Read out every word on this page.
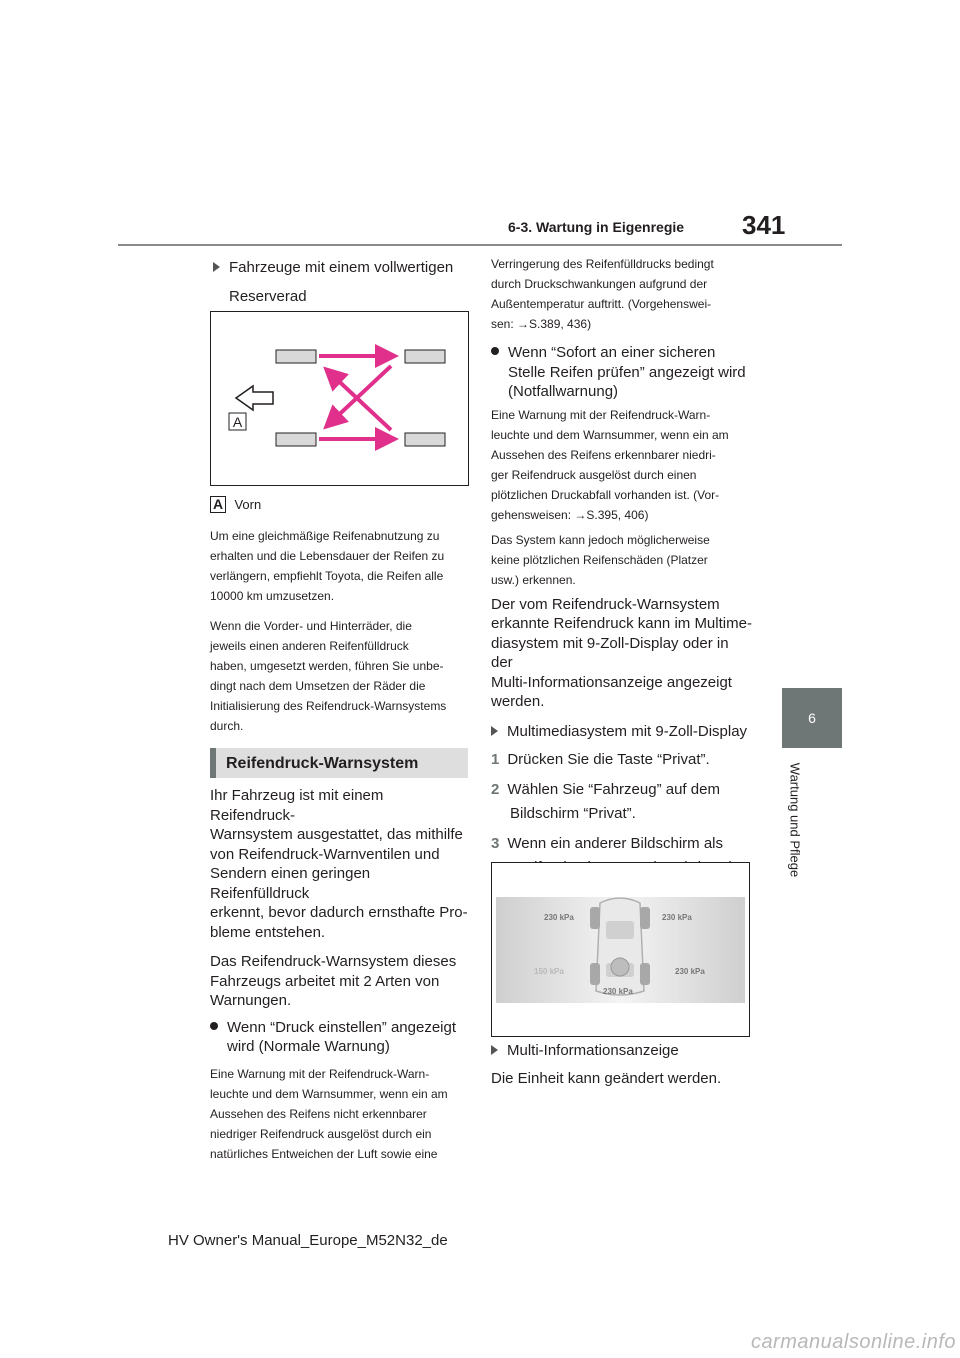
6-3. Wartung in Eigenregie 341
6
Wartung und Pflege
Fahrzeuge mit einem vollwertigen
Reserverad
A
A Vorn
Um eine gleichmäßige Reifenabnutzung zu
erhalten und die Lebensdauer der Reifen zu
verlängern, empfiehlt Toyota, die Reifen alle
10000 km umzusetzen.
Wenn die Vorder- und Hinterräder, die
jeweils einen anderen Reifenfülldruck
haben, umgesetzt werden, führen Sie unbe-
dingt nach dem Umsetzen der Räder die
Initialisierung des Reifendruck-Warnsystems
durch.
Reifendruck-Warnsystem
Ihr Fahrzeug ist mit einem Reifendruck-
Warnsystem ausgestattet, das mithilfe
von Reifendruck-Warnventilen und
Sendern einen geringen Reifenfülldruck
erkennt, bevor dadurch ernsthafte Pro-
bleme entstehen.
Das Reifendruck-Warnsystem dieses
Fahrzeugs arbeitet mit 2 Arten von
Warnungen.
Wenn “Druck einstellen” angezeigt
wird (Normale Warnung)
Eine Warnung mit der Reifendruck-Warn-
leuchte und dem Warnsummer, wenn ein am
Aussehen des Reifens nicht erkennbarer
niedriger Reifendruck ausgelöst durch ein
natürliches Entweichen der Luft sowie eine
Verringerung des Reifenfülldrucks bedingt
durch Druckschwankungen aufgrund der
Außentemperatur auftritt. (Vorgehenswei-
sen: →S.389, 436)
Wenn “Sofort an einer sicheren
Stelle Reifen prüfen” angezeigt wird
(Notfallwarnung)
Eine Warnung mit der Reifendruck-Warn-
leuchte und dem Warnsummer, wenn ein am
Aussehen des Reifens erkennbarer niedri-
ger Reifendruck ausgelöst durch einen
plötzlichen Druckabfall vorhanden ist. (Vor-
gehensweisen: →S.395, 406)
Das System kann jedoch möglicherweise
keine plötzlichen Reifenschäden (Platzer
usw.) erkennen.
Der vom Reifendruck-Warnsystem
erkannte Reifendruck kann im Multime-
diasystem mit 9-Zoll-Display oder in der
Multi-Informationsanzeige angezeigt
werden.
Multimediasystem mit 9-Zoll-Display
1 Drücken Sie die Taste “Privat”.
2 Wählen Sie “Fahrzeug” auf dem
Bildschirm “Privat”.
3 Wenn ein anderer Bildschirm als
230 kPa	230 kPa
150 kPa	230 kPa
230 kPa
Multi-Informationsanzeige
Die Einheit kann geändert werden.
HV Owner's Manual_Europe_M52N32_de
carmanualsonline.info
